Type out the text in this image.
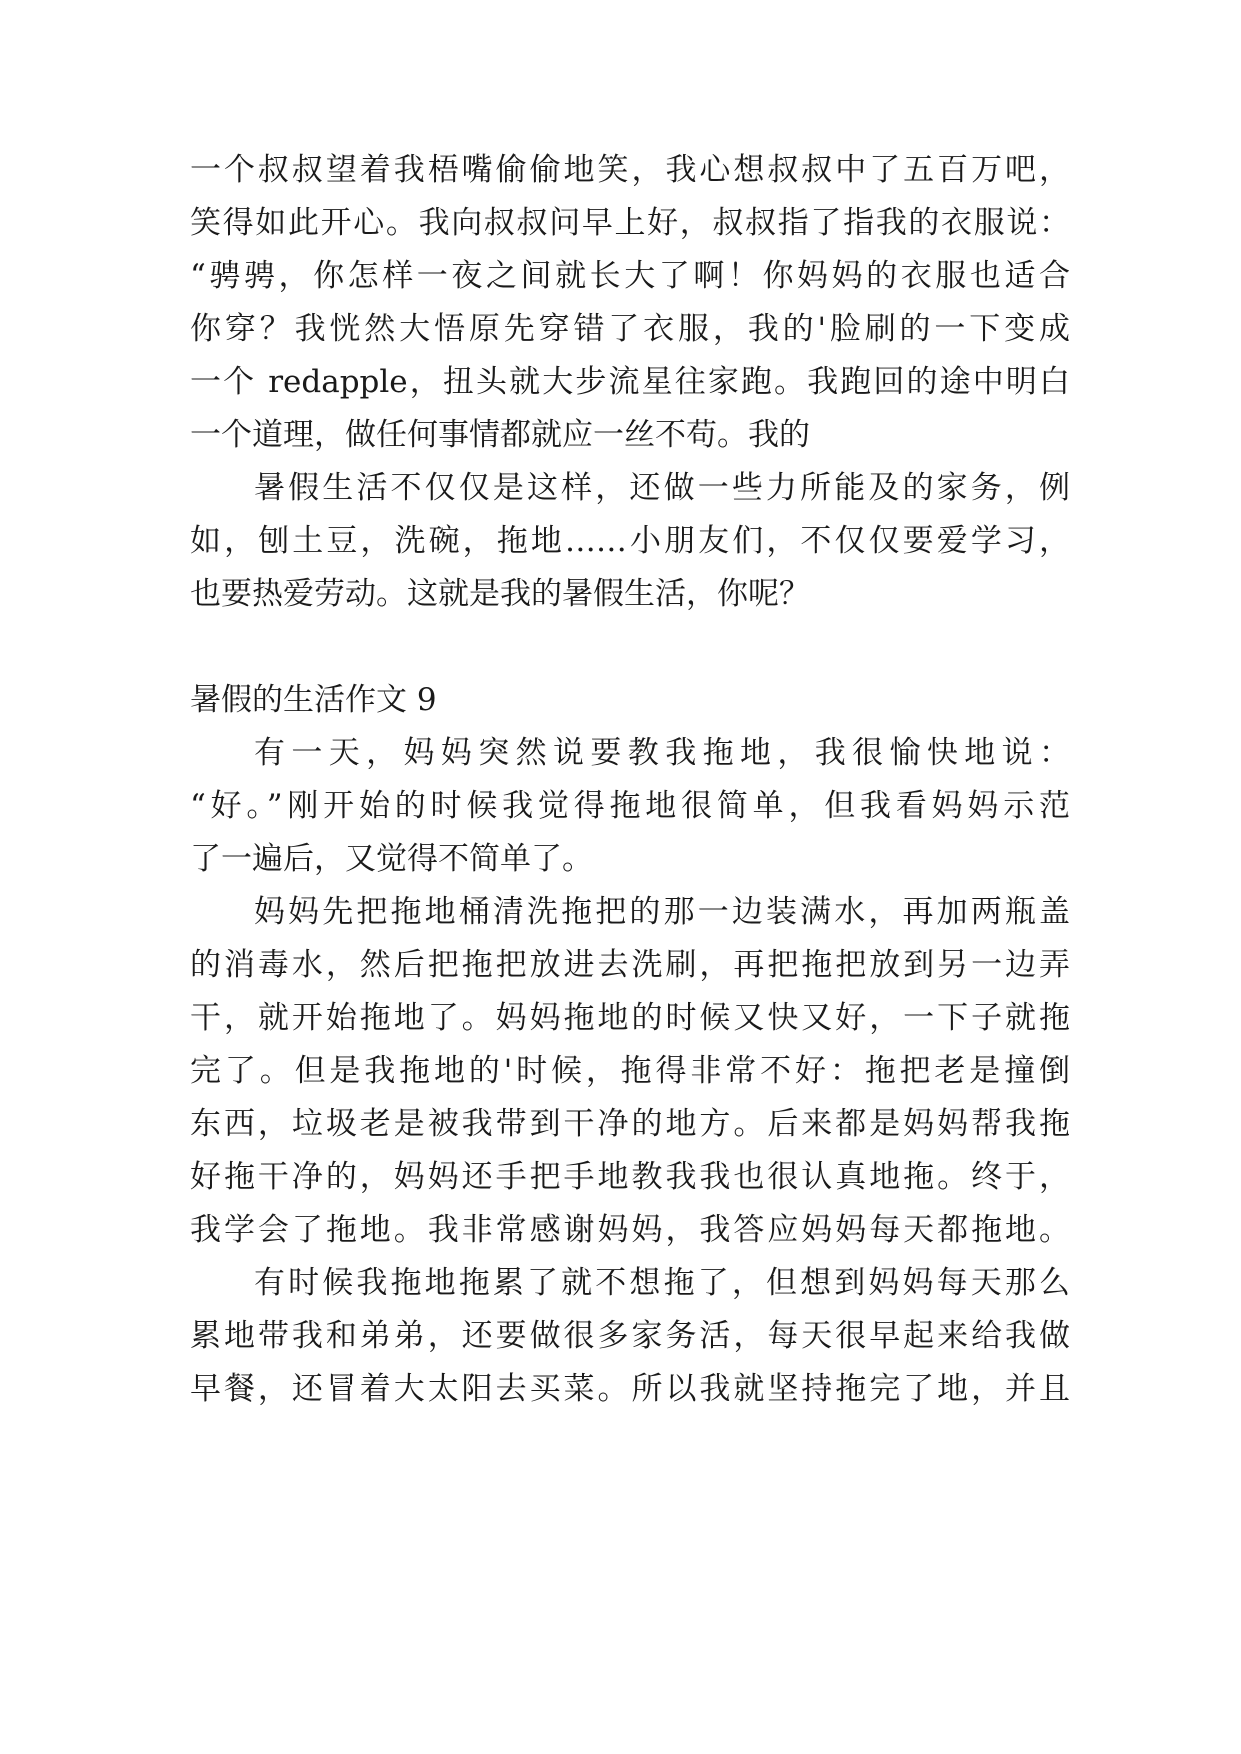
一个叔叔望着我梧嘴偷偷地笑，我心想叔叔中了五百万吧，
笑得如此开心。我向叔叔问早上好，叔叔指了指我的衣服说：
“骋骋，你怎样一夜之间就长大了啊！你妈妈的衣服也适合
你穿？我恍然大悟原先穿错了衣服，我的'脸刷的一下变成
一个 redapple，扭头就大步流星往家跑。我跑回的途中明白
一个道理，做任何事情都就应一丝不苟。我的
暑假生活不仅仅是这样，还做一些力所能及的家务，例
如，刨土豆，洗碗，拖地……小朋友们，不仅仅要爱学习，
也要热爱劳动。这就是我的暑假生活，你呢？
暑假的生活作文 9
有一天，妈妈突然说要教我拖地，我很愉快地说：
“好。”刚开始的时候我觉得拖地很简单，但我看妈妈示范
了一遍后，又觉得不简单了。
妈妈先把拖地桶清洗拖把的那一边装满水，再加两瓶盖
的消毒水，然后把拖把放进去洗刷，再把拖把放到另一边弄
干，就开始拖地了。妈妈拖地的时候又快又好，一下子就拖
完了。但是我拖地的'时候，拖得非常不好：拖把老是撞倒
东西，垃圾老是被我带到干净的地方。后来都是妈妈帮我拖
好拖干净的，妈妈还手把手地教我我也很认真地拖。终于，
我学会了拖地。我非常感谢妈妈，我答应妈妈每天都拖地。
有时候我拖地拖累了就不想拖了，但想到妈妈每天那么
累地带我和弟弟，还要做很多家务活，每天很早起来给我做
早餐，还冒着大太阳去买菜。所以我就坚持拖完了地，并且
